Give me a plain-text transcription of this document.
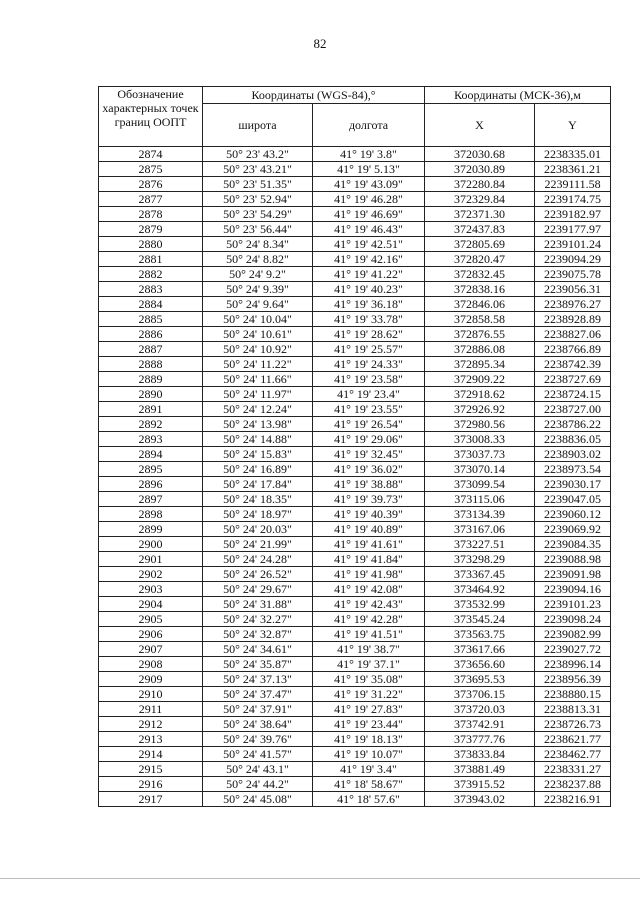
82
Обозначение характерных точек границ ООПТ	Координаты (WGS-84),°		Координаты (МСК-36),м	
	широта	долгота	X	Y
2874	50° 23' 43.2"	41° 19' 3.8"	372030.68	2238335.01
2875	50° 23' 43.21"	41° 19' 5.13"	372030.89	2238361.21
2876	50° 23' 51.35"	41° 19' 43.09"	372280.84	2239111.58
2877	50° 23' 52.94"	41° 19' 46.28"	372329.84	2239174.75
2878	50° 23' 54.29"	41° 19' 46.69"	372371.30	2239182.97
2879	50° 23' 56.44"	41° 19' 46.43"	372437.83	2239177.97
2880	50° 24' 8.34"	41° 19' 42.51"	372805.69	2239101.24
2881	50° 24' 8.82"	41° 19' 42.16"	372820.47	2239094.29
2882	50° 24' 9.2"	41° 19' 41.22"	372832.45	2239075.78
2883	50° 24' 9.39"	41° 19' 40.23"	372838.16	2239056.31
2884	50° 24' 9.64"	41° 19' 36.18"	372846.06	2238976.27
2885	50° 24' 10.04"	41° 19' 33.78"	372858.58	2238928.89
2886	50° 24' 10.61"	41° 19' 28.62"	372876.55	2238827.06
2887	50° 24' 10.92"	41° 19' 25.57"	372886.08	2238766.89
2888	50° 24' 11.22"	41° 19' 24.33"	372895.34	2238742.39
2889	50° 24' 11.66"	41° 19' 23.58"	372909.22	2238727.69
2890	50° 24' 11.97"	41° 19' 23.4"	372918.62	2238724.15
2891	50° 24' 12.24"	41° 19' 23.55"	372926.92	2238727.00
2892	50° 24' 13.98"	41° 19' 26.54"	372980.56	2238786.22
2893	50° 24' 14.88"	41° 19' 29.06"	373008.33	2238836.05
2894	50° 24' 15.83"	41° 19' 32.45"	373037.73	2238903.02
2895	50° 24' 16.89"	41° 19' 36.02"	373070.14	2238973.54
2896	50° 24' 17.84"	41° 19' 38.88"	373099.54	2239030.17
2897	50° 24' 18.35"	41° 19' 39.73"	373115.06	2239047.05
2898	50° 24' 18.97"	41° 19' 40.39"	373134.39	2239060.12
2899	50° 24' 20.03"	41° 19' 40.89"	373167.06	2239069.92
2900	50° 24' 21.99"	41° 19' 41.61"	373227.51	2239084.35
2901	50° 24' 24.28"	41° 19' 41.84"	373298.29	2239088.98
2902	50° 24' 26.52"	41° 19' 41.98"	373367.45	2239091.98
2903	50° 24' 29.67"	41° 19' 42.08"	373464.92	2239094.16
2904	50° 24' 31.88"	41° 19' 42.43"	373532.99	2239101.23
2905	50° 24' 32.27"	41° 19' 42.28"	373545.24	2239098.24
2906	50° 24' 32.87"	41° 19' 41.51"	373563.75	2239082.99
2907	50° 24' 34.61"	41° 19' 38.7"	373617.66	2239027.72
2908	50° 24' 35.87"	41° 19' 37.1"	373656.60	2238996.14
2909	50° 24' 37.13"	41° 19' 35.08"	373695.53	2238956.39
2910	50° 24' 37.47"	41° 19' 31.22"	373706.15	2238880.15
2911	50° 24' 37.91"	41° 19' 27.83"	373720.03	2238813.31
2912	50° 24' 38.64"	41° 19' 23.44"	373742.91	2238726.73
2913	50° 24' 39.76"	41° 19' 18.13"	373777.76	2238621.77
2914	50° 24' 41.57"	41° 19' 10.07"	373833.84	2238462.77
2915	50° 24' 43.1"	41° 19' 3.4"	373881.49	2238331.27
2916	50° 24' 44.2"	41° 18' 58.67"	373915.52	2238237.88
2917	50° 24' 45.08"	41° 18' 57.6"	373943.02	2238216.91
